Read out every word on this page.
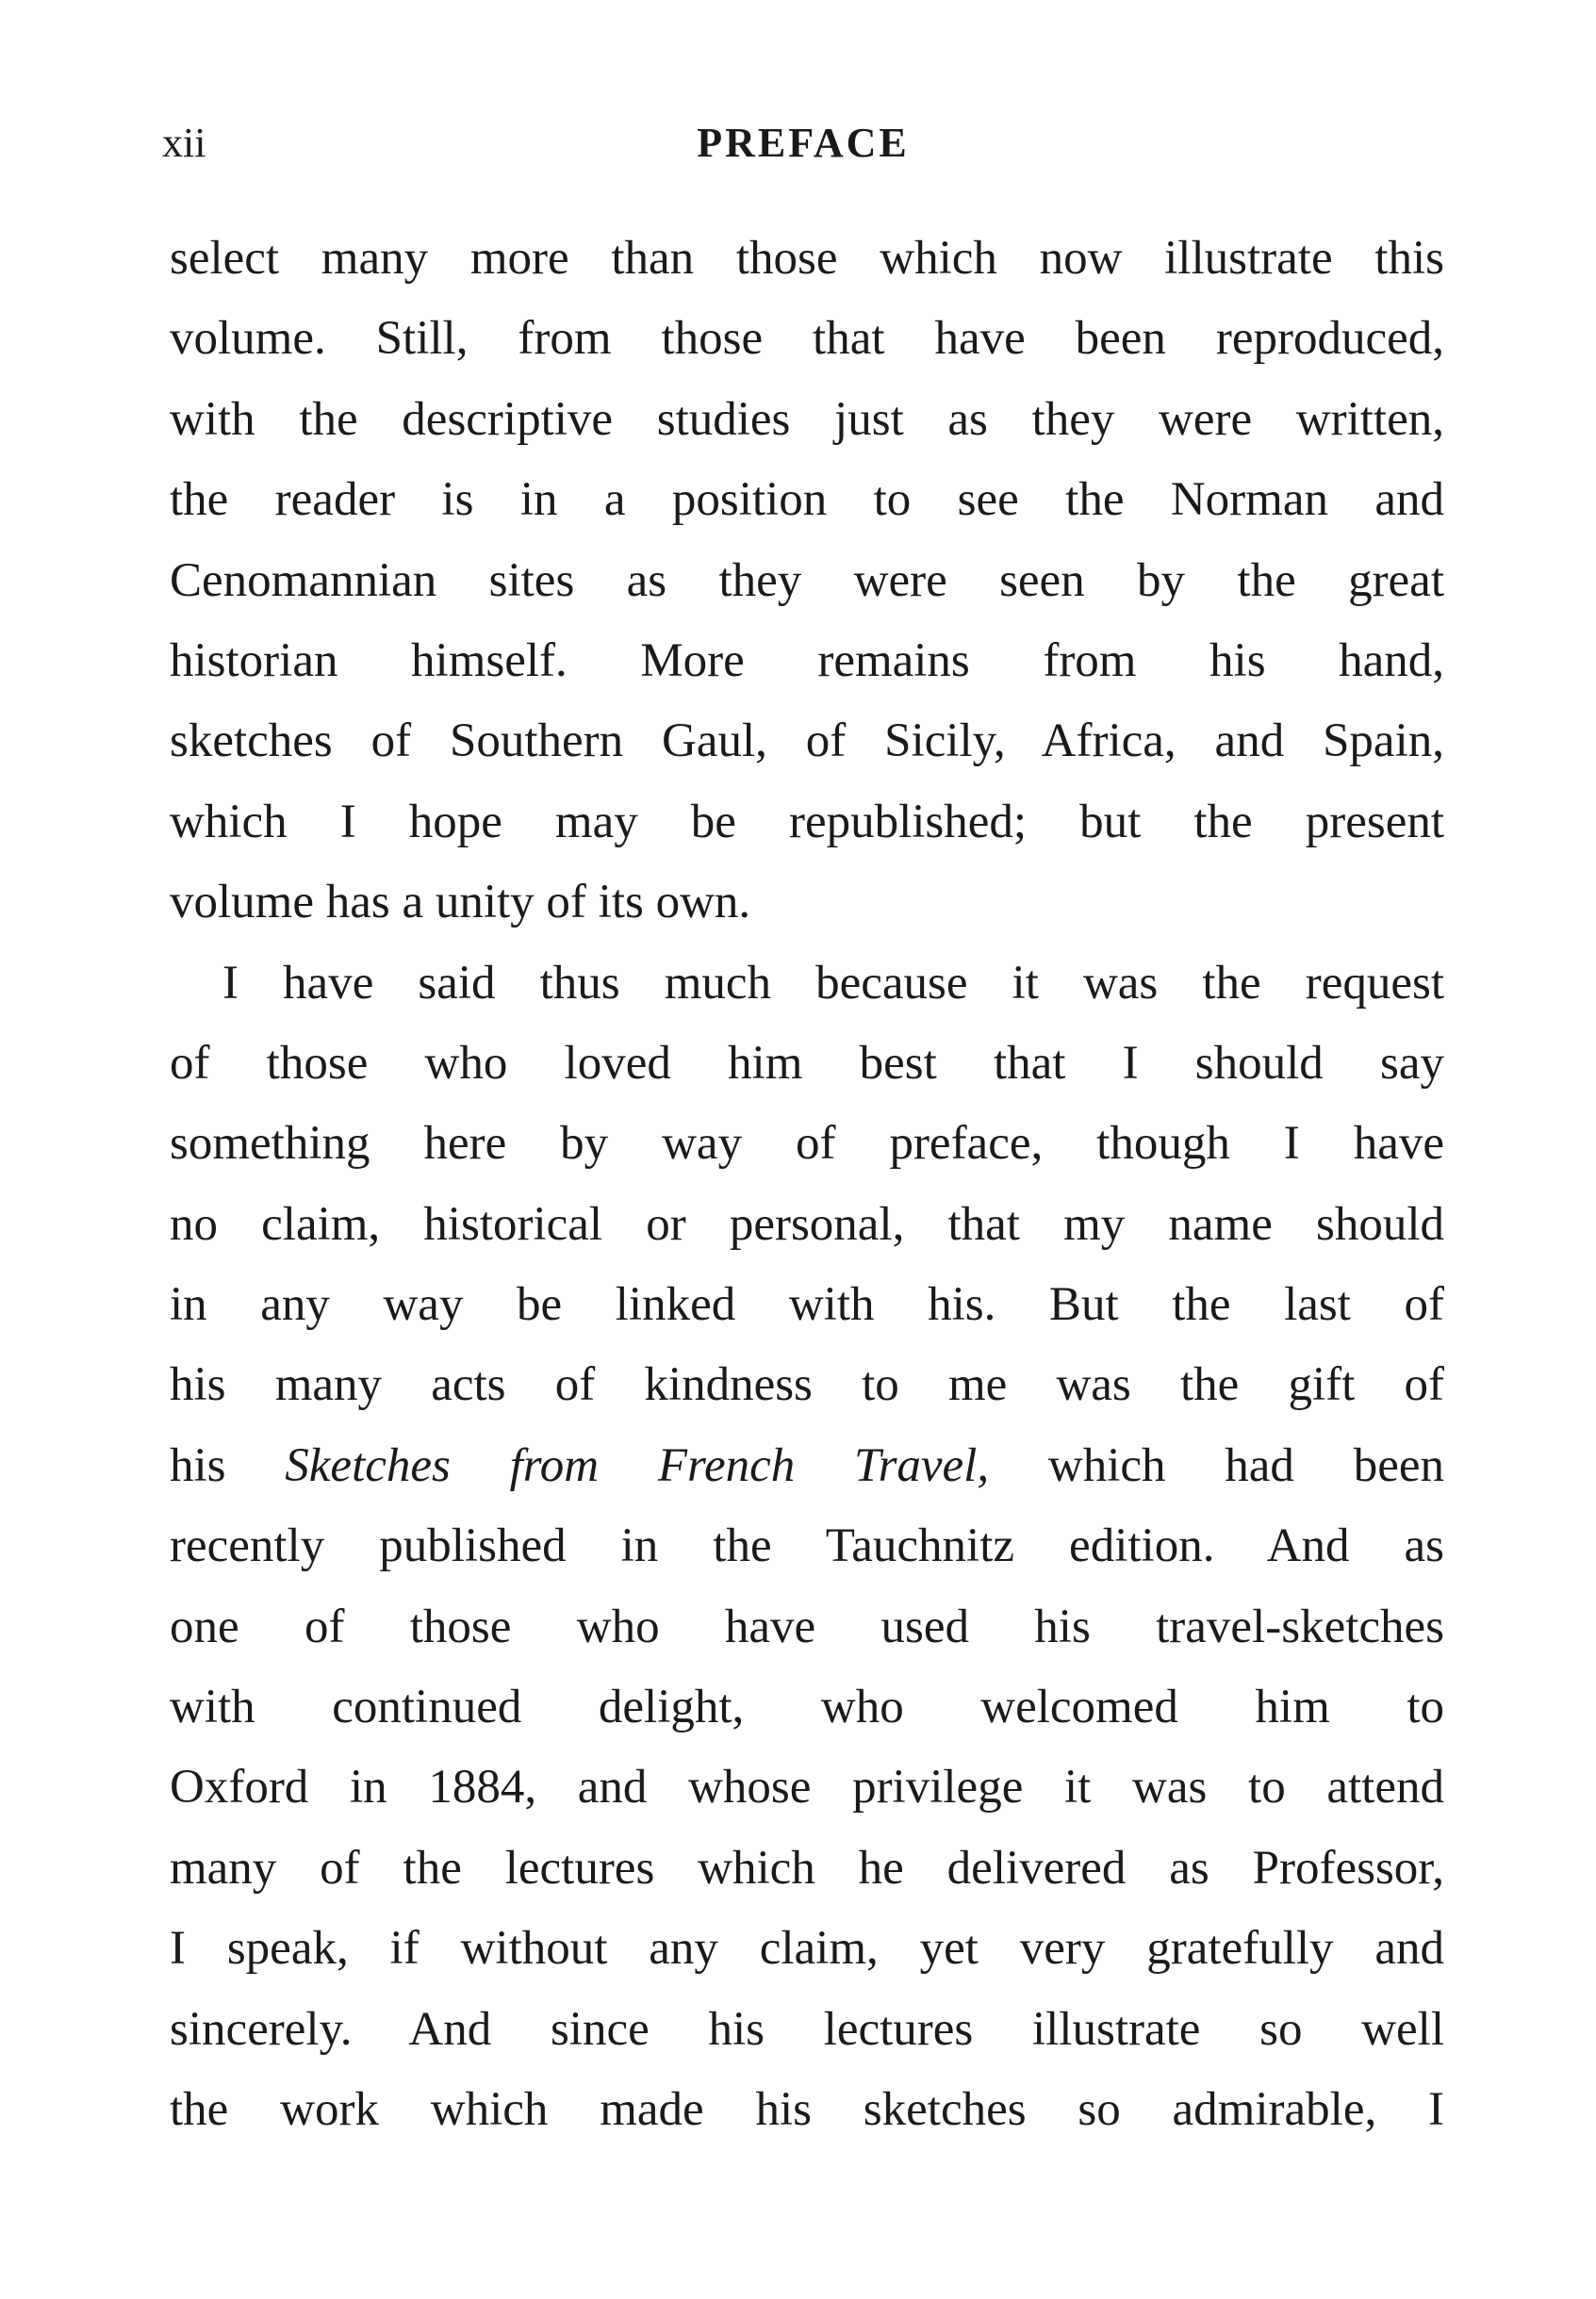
xii	PREFACE
select many more than those which now illustrate this
volume. Still, from those that have been reproduced,
with the descriptive studies just as they were written,
the reader is in a position to see the Norman and
Cenomannian sites as they were seen by the great
historian himself. More remains from his hand,
sketches of Southern Gaul, of Sicily, Africa, and Spain,
which I hope may be republished; but the present
volume has a unity of its own.
I have said thus much because it was the request
of those who loved him best that I should say
something here by way of preface, though I have
no claim, historical or personal, that my name should
in any way be linked with his. But the last of
his many acts of kindness to me was the gift of
his Sketches from French Travel, which had been
recently published in the Tauchnitz edition. And as
one of those who have used his travel-sketches
with continued delight, who welcomed him to
Oxford in 1884, and whose privilege it was to attend
many of the lectures which he delivered as Professor,
I speak, if without any claim, yet very gratefully and
sincerely. And since his lectures illustrate so well
the work which made his sketches so admirable, I
